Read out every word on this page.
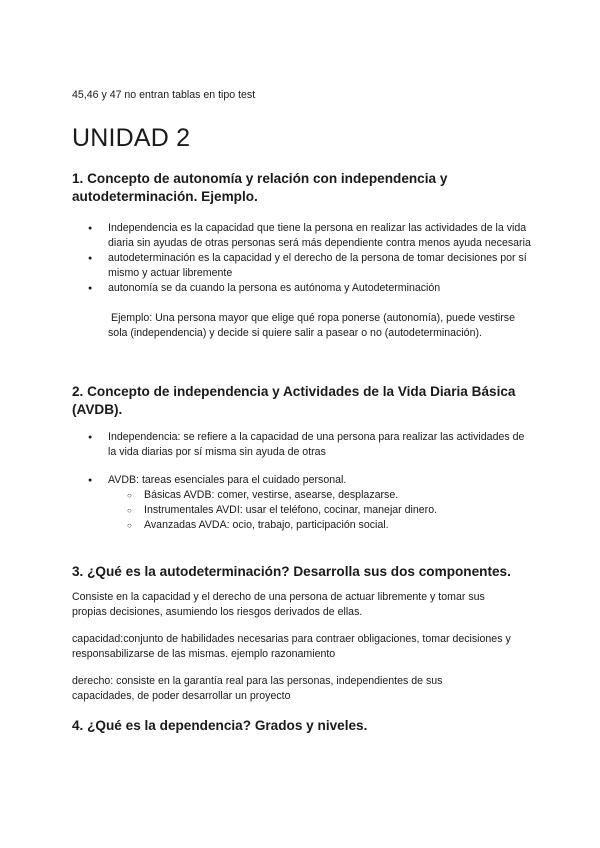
45,46 y 47 no entran tablas en tipo test

UNIDAD 2
1. Concepto de autonomía y relación con independencia y autodeterminación. Ejemplo.
● Independencia es la capacidad que tiene la persona en realizar las actividades de la vida diaria sin ayudas de otras personas será más dependiente contra menos ayuda necesaria
● autodeterminación es la capacidad y el derecho de la persona de tomar decisiones por sí mismo y actuar libremente
● autonomía se da cuando la persona es autónoma y Autodeterminación

Ejemplo: Una persona mayor que elige qué ropa ponerse (autonomía), puede vestirse sola (independencia) y decide si quiere salir a pasear o no (autodeterminación).

2. Concepto de independencia y Actividades de la Vida Diaria Básica (AVDB).
● Independencia: se refiere a la capacidad de una persona para realizar las actividades de la vida diarias por sí misma sin ayuda de otras
● AVDB: tareas esenciales para el cuidado personal.
○ Básicas AVDB: comer, vestirse, asearse, desplazarse.
○ Instrumentales AVDI: usar el teléfono, cocinar, manejar dinero.
○ Avanzadas AVDA: ocio, trabajo, participación social.
3. ¿Qué es la autodeterminación? Desarrolla sus dos componentes.

Consiste en la capacidad y el derecho de una persona de actuar libremente y tomar sus propias decisiones, asumiendo los riesgos derivados de ellas.

capacidad:conjunto de habilidades necesarias para contraer obligaciones, tomar decisiones y responsabilizarse de las mismas. ejemplo razonamiento

derecho: consiste en la garantía real para las personas, independientes de sus capacidades, de poder desarrollar un proyecto

4. ¿Qué es la dependencia? Grados y niveles.
